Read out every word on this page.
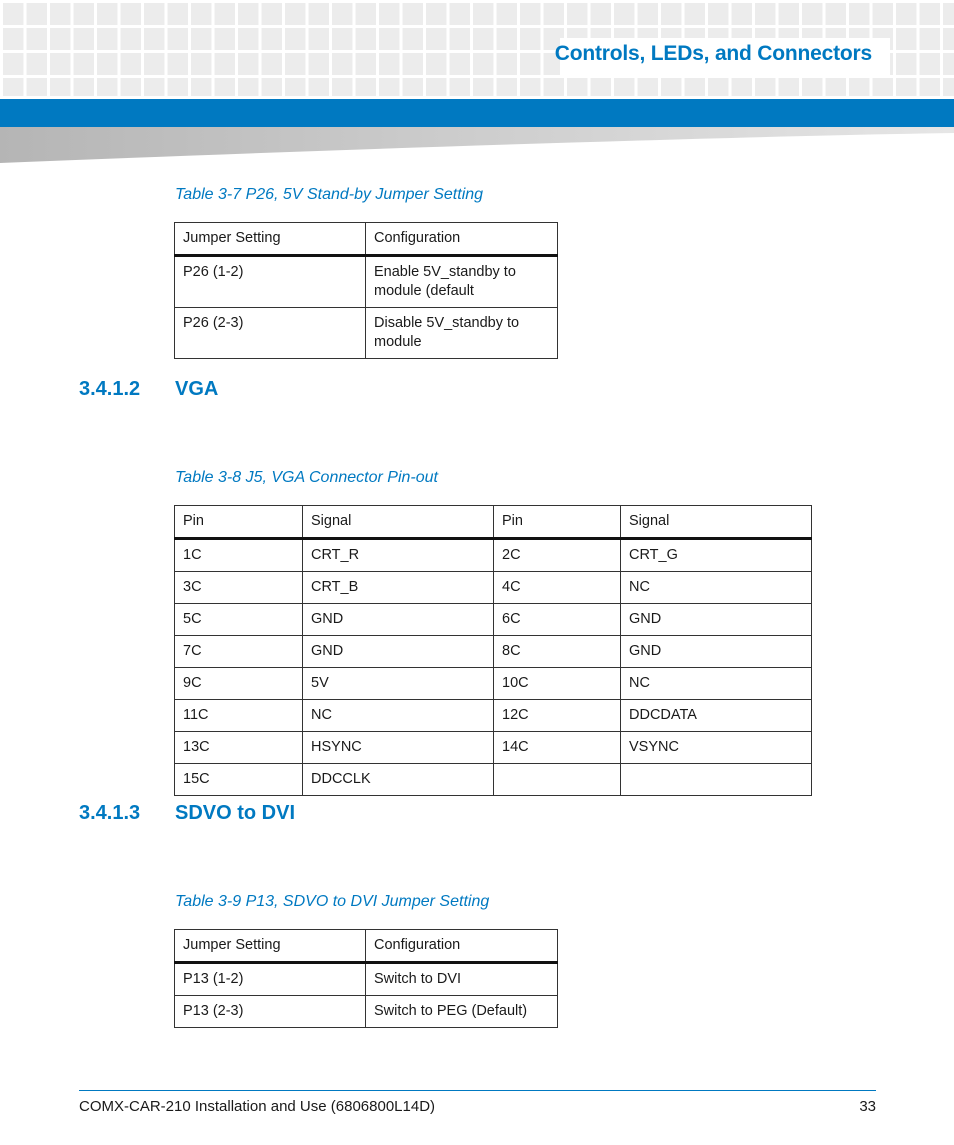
Controls, LEDs, and Connectors
Table 3-7 P26, 5V Stand-by Jumper Setting
Jumper Setting	Configuration
P26 (1-2)	Enable 5V_standby to module (default
P26 (2-3)	Disable 5V_standby to module
3.4.1.2 VGA
Table 3-8 J5, VGA Connector Pin-out
Pin	Signal	Pin	Signal
1C	CRT_R	2C	CRT_G
3C	CRT_B	4C	NC
5C	GND	6C	GND
7C	GND	8C	GND
9C	5V	10C	NC
11C	NC	12C	DDCDATA
13C	HSYNC	14C	VSYNC
15C	DDCCLK		
3.4.1.3 SDVO to DVI
Table 3-9 P13, SDVO to DVI Jumper Setting
Jumper Setting	Configuration
P13 (1-2)	Switch to DVI
P13 (2-3)	Switch to PEG (Default)
COMX-CAR-210 Installation and Use (6806800L14D)	33
